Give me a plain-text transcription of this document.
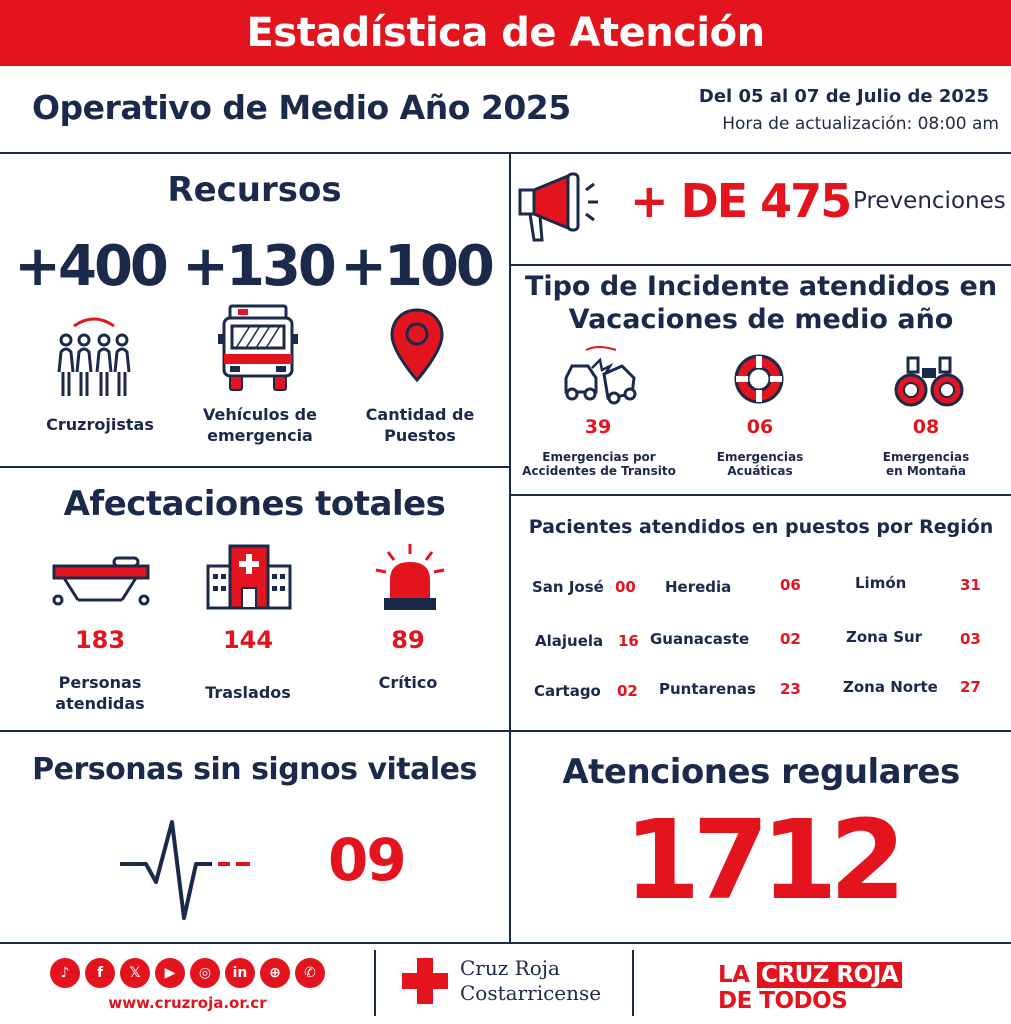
Estadística de Atención
Operativo de Medio Año 2025	Del 05 al 07 de Julio de 2025
Hora de actualización: 08:00 am
Recursos
+400 +130 +100
Cruzrojistas
Vehículos de
emergencia
Cantidad de
Puestos
+ DE 475 Prevenciones
Tipo de Incidente atendidos en
Vacaciones de medio año
39	06	08
Emergencias por
Accidentes de Transito
Emergencias
Acuáticas
Emergencias
en Montaña
Afectaciones totales
183	144	89
Personas
atendidas
Traslados
Crítico
Pacientes atendidos en puestos por Región
San José 00 Heredia	06	Limón	31
Alajuela 16 Guanacaste 02	Zona Sur	03
Cartago 02 Puntarenas 23	Zona Norte 27
Personas sin signos vitales
09
Atenciones regulares
1712
♪	f	𝕏	▶	◎	in	⊕	✆
www.cruzroja.or.cr
Cruz Roja
Costarricense
LA CRUZ ROJA
DE TODOS
